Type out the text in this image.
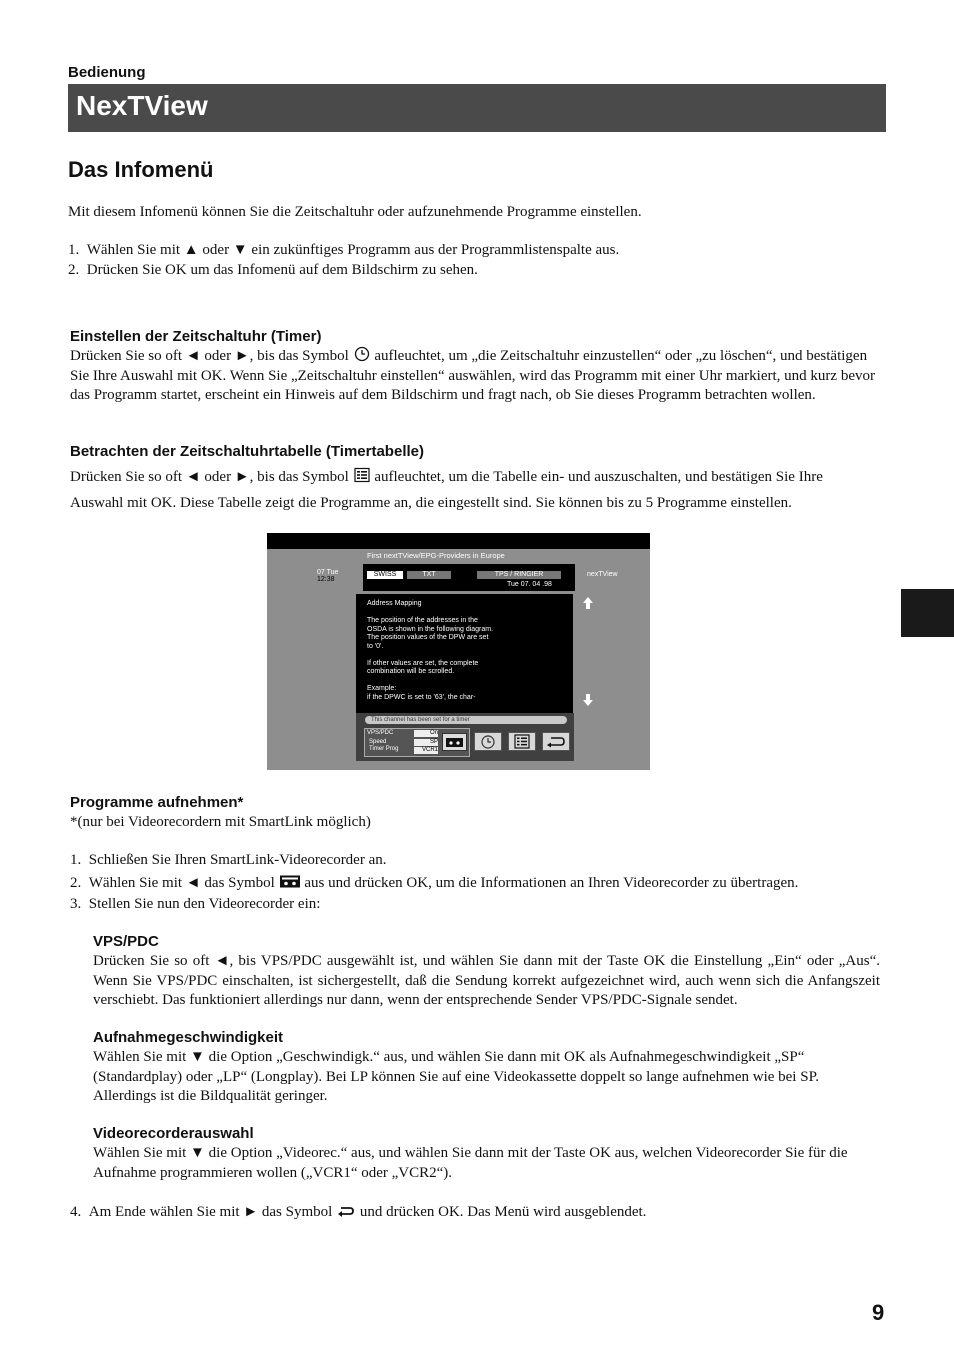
Bedienung
NexTView
Das Infomenü
Mit diesem Infomenü können Sie die Zeitschaltuhr oder aufzunehmende Programme einstellen.
1. Wählen Sie mit ▲ oder ▼ ein zukünftiges Programm aus der Programmlistenspalte aus.
2. Drücken Sie OK um das Infomenü auf dem Bildschirm zu sehen.
Einstellen der Zeitschaltuhr (Timer)
Drücken Sie so oft ◄ oder ►, bis das Symbol aufleuchtet, um „die Zeitschaltuhr einzustellen“ oder „zu löschen“, und bestätigen Sie Ihre Auswahl mit OK. Wenn Sie „Zeitschaltuhr einstellen“ auswählen, wird das Programm mit einer Uhr markiert, und kurz bevor das Programm startet, erscheint ein Hinweis auf dem Bildschirm und fragt nach, ob Sie dieses Programm betrachten wollen.
Betrachten der Zeitschaltuhrtabelle (Timertabelle)
Drücken Sie so oft ◄ oder ►, bis das Symbol aufleuchtet, um die Tabelle ein- und auszuschalten, und bestätigen Sie Ihre
Auswahl mit OK. Diese Tabelle zeigt die Programme an, die eingestellt sind. Sie können bis zu 5 Programme einstellen.
First nextTView/EPG-Providers in Europe
07 Tue
12:38
SWISS	TXT	TPS / RINGIER
Tue 07. 04 .98
nexTView
Address Mapping

The position of the addresses in the
OSDA is shown in the following diagram.
The position values of the DPW are set
to '0'.

If other values are set, the complete
combination will be scrolled.

Example:
if the DPWC is set to '63', the char-
This channel has been set for a timer
VPS/PDC	On
Speed	SP
Timer Prog	VCR1
Programme aufnehmen*
*(nur bei Videorecordern mit SmartLink möglich)
1. Schließen Sie Ihren SmartLink-Videorecorder an.
2. Wählen Sie mit ◄ das Symbol aus und drücken OK, um die Informationen an Ihren Videorecorder zu übertragen.
3. Stellen Sie nun den Videorecorder ein:
VPS/PDC
Drücken Sie so oft ◄, bis VPS/PDC ausgewählt ist, und wählen Sie dann mit der Taste OK die Einstellung „Ein“ oder „Aus“. Wenn Sie VPS/PDC einschalten, ist sichergestellt, daß die Sendung korrekt aufgezeichnet wird, auch wenn sich die Anfangszeit verschiebt. Das funktioniert allerdings nur dann, wenn der entsprechende Sender VPS/PDC-Signale sendet.
Aufnahmegeschwindigkeit
Wählen Sie mit ▼ die Option „Geschwindigk.“ aus, und wählen Sie dann mit OK als Aufnahmegeschwindigkeit „SP“ (Standardplay) oder „LP“ (Longplay). Bei LP können Sie auf eine Videokassette doppelt so lange aufnehmen wie bei SP. Allerdings ist die Bildqualität geringer.
Videorecorderauswahl
Wählen Sie mit ▼ die Option „Videorec.“ aus, und wählen Sie dann mit der Taste OK aus, welchen Videorecorder Sie für die Aufnahme programmieren wollen („VCR1“ oder „VCR2“).
4. Am Ende wählen Sie mit ► das Symbol und drücken OK. Das Menü wird ausgeblendet.
9
